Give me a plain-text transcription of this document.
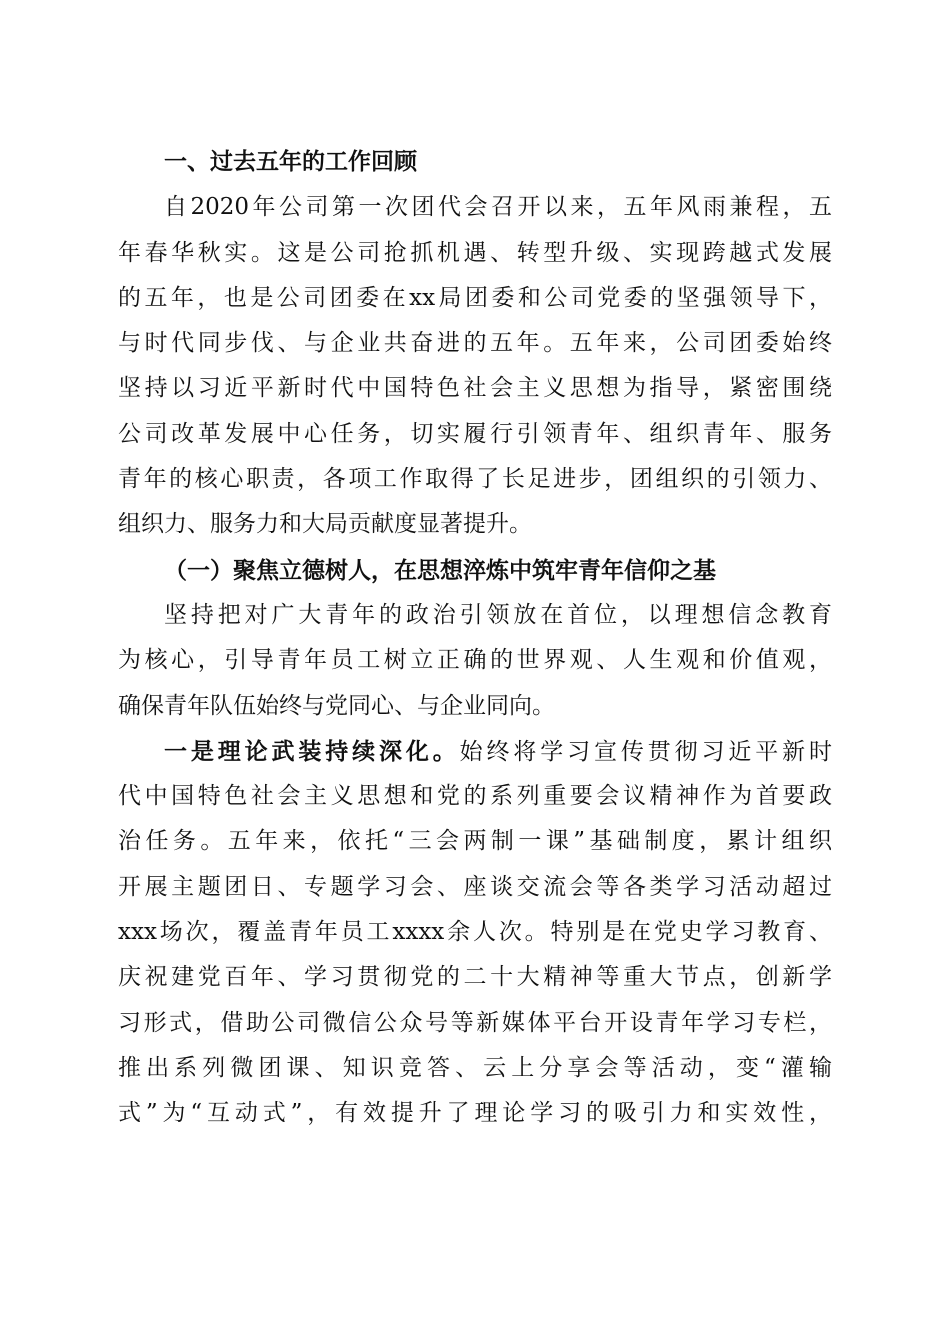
一、过去五年的工作回顾
自2020年公司第一次团代会召开以来，五年风雨兼程，五
年春华秋实。这是公司抢抓机遇、转型升级、实现跨越式发展
的五年，也是公司团委在xx局团委和公司党委的坚强领导下，
与时代同步伐、与企业共奋进的五年。五年来，公司团委始终
坚持以习近平新时代中国特色社会主义思想为指导，紧密围绕
公司改革发展中心任务，切实履行引领青年、组织青年、服务
青年的核心职责，各项工作取得了长足进步，团组织的引领力、
组织力、服务力和大局贡献度显著提升。
（一）聚焦立德树人，在思想淬炼中筑牢青年信仰之基
坚持把对广大青年的政治引领放在首位，以理想信念教育
为核心，引导青年员工树立正确的世界观、人生观和价值观，
确保青年队伍始终与党同心、与企业同向。
一是理论武装持续深化。始终将学习宣传贯彻习近平新时
代中国特色社会主义思想和党的系列重要会议精神作为首要政
治任务。五年来，依托“三会两制一课”基础制度，累计组织
开展主题团日、专题学习会、座谈交流会等各类学习活动超过
xxx场次，覆盖青年员工xxxx余人次。特别是在党史学习教育、
庆祝建党百年、学习贯彻党的二十大精神等重大节点，创新学
习形式，借助公司微信公众号等新媒体平台开设青年学习专栏，
推出系列微团课、知识竞答、云上分享会等活动，变“灌输
式”为“互动式”，有效提升了理论学习的吸引力和实效性，
